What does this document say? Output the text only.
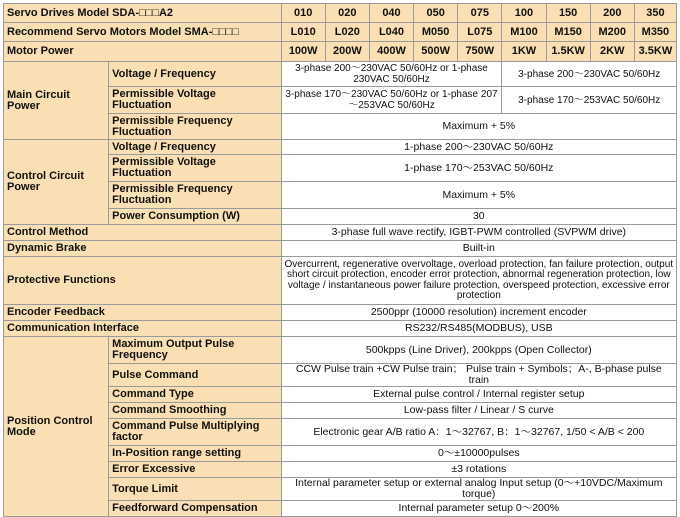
Servo Drives Model SDA-□□□A2		010	020	040	050	075	100	150	200	350
Recommend Servo Motors Model SMA-□□□□		L010	L020	L040	M050	L075	M100	M150	M200	M350
Motor Power		100W	200W	400W	500W	750W	1KW	1.5KW	2KW	3.5KW
Main Circuit Power	Voltage / Frequency	3-phase 200～230VAC 50/60Hz or 1-phase 230VAC 50/60Hz					3-phase 200～230VAC 50/60Hz			
	Permissible Voltage Fluctuation	3-phase 170～230VAC 50/60Hz or 1-phase 207～253VAC 50/60Hz					3-phase 170～253VAC 50/60Hz			
	Permissible Frequency Fluctuation	Maximum + 5%								
Control Circuit Power	Voltage / Frequency	1-phase 200～230VAC 50/60Hz								
	Permissible Voltage Fluctuation	1-phase 170～253VAC 50/60Hz								
	Permissible Frequency Fluctuation	Maximum + 5%								
	Power Consumption (W)	30								
Control Method		3-phase full wave rectify, IGBT-PWM controlled (SVPWM drive)								
Dynamic Brake		Built-in								
Protective Functions		Overcurrent, regenerative overvoltage, overload protection, fan failure protection, output short circuit protection, encoder error protection, abnormal regeneration protection, low voltage / instantaneous power failure protection, overspeed protection, excessive error protection								
Encoder Feedback		2500ppr (10000 resolution) increment encoder								
Communication Interface		RS232/RS485(MODBUS), USB								
Position Control Mode	Maximum Output Pulse Frequency	500kpps (Line Driver), 200kpps (Open Collector)								
	Pulse Command	CCW Pulse train +CW Pulse train； Pulse train + Symbols；A-, B-phase pulse train								
	Command Type	External pulse control / Internal register setup								
	Command Smoothing	Low-pass filter / Linear / S curve								
	Command Pulse Multiplying factor	Electronic gear A/B ratio A：1～32767, B：1～32767, 1/50 < A/B < 200								
	In-Position range setting	0～±10000pulses								
	Error Excessive	±3 rotations								
	Torque Limit	Internal parameter setup or external analog Input setup (0～+10VDC/Maximum torque)								
	Feedforward Compensation	Internal parameter setup 0～200%								
